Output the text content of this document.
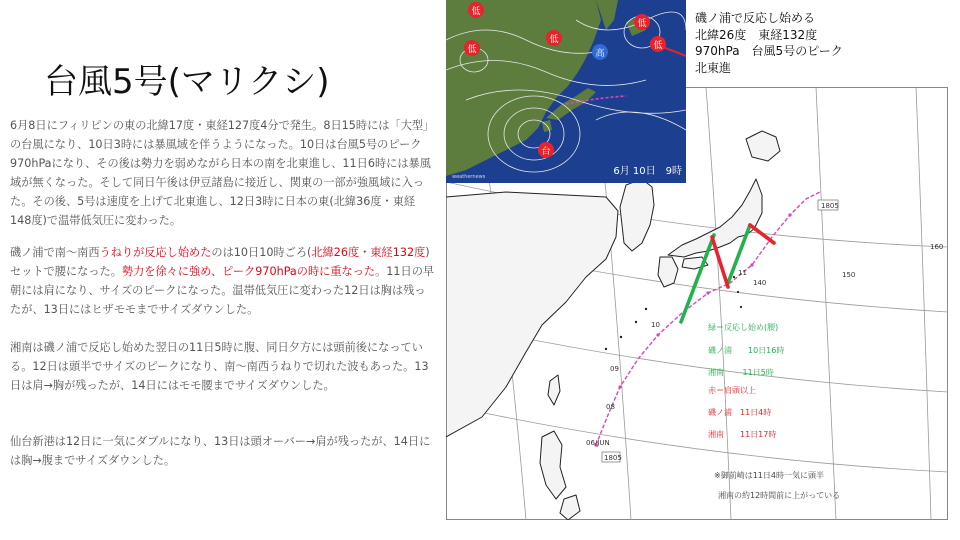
台風5号(マリクシ)

6月8日にフィリピンの東の北緯17度・東経127度4分で発生。8日15時には「大型」の台風になり、10日3時には暴風域を伴うようになった。10日は台風5号のピーク970hPaになり、その後は勢力を弱めながら日本の南を北東進し、11日6時には暴風域が無くなった。そして同日午後は伊豆諸島に接近し、関東の一部が強風域に入った。その後、5号は速度を上げて北東進し、12日3時に日本の東(北緯36度・東経148度)で温帯低気圧に変わった。

磯ノ浦で南～南西うねりが反応し始めたのは10日10時ごろ(北緯26度・東経132度)セットで腰になった。勢力を徐々に強め、ピーク970hPaの時に重なった。11日の早朝には肩になり、サイズのピークになった。温帯低気圧に変わった12日は胸は残ったが、13日にはヒザモモまでサイズダウンした。

湘南は磯ノ浦で反応し始めた翌日の11日5時に腹、同日夕方には頭前後になっている。12日は頭半でサイズのピークになり、南～南西うねりで切れた波もあった。13日は肩→胸が残ったが、14日にはモモ腰までサイズダウンした。

仙台新港は12日に一気にダブルになり、13日は頭オーバー→肩が残ったが、14日には胸→腹までサイズダウンした。

1805
1805
06/JUN
08
09
10
11
160
150
140
緑＝反応し始め(腰)
磯ノ浦　　10日16時
湘南　　 11日5時
赤＝肩頭以上
磯ノ浦　11日4時
湘南　　11日17時
※御前崎は11日4時一気に頭半
湘南の約12時間前に上がっている
低
低
低
低
低
高
台
weathernews	6月 10日　9時

磯ノ浦で反応し始める
北緯26度　東経132度
970hPa　台風5号のピーク
北東進
